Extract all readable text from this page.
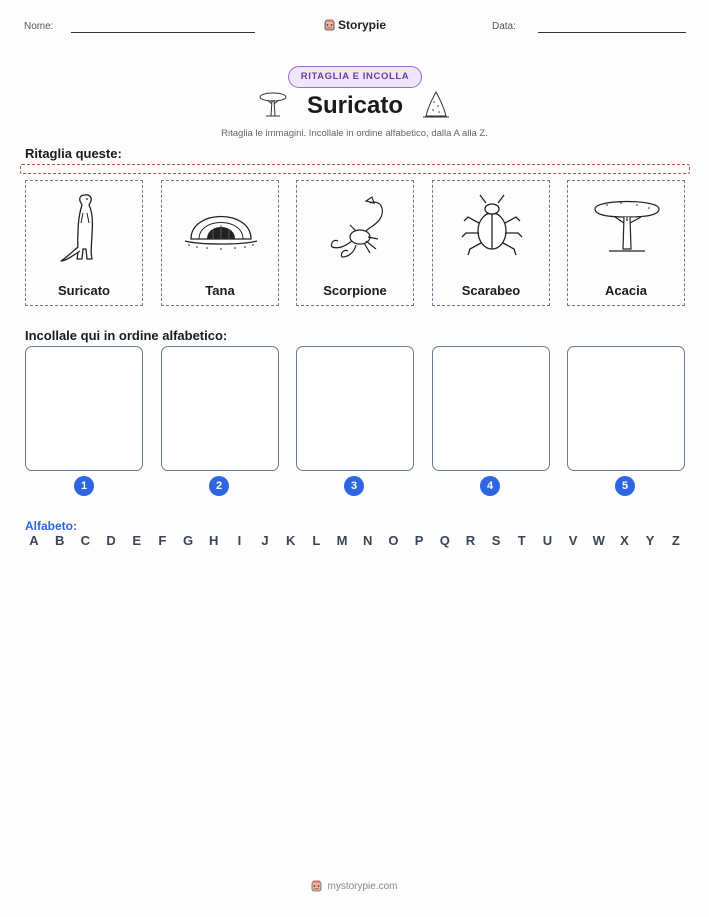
Nome:	Storypie	Data:
RITAGLIA E INCOLLA
Suricato
Ritaglia le immagini. Incollale in ordine alfabetico, dalla A alla Z.
Ritaglia queste:
Suricato	Tana	Scorpione	Scarabeo	Acacia
Incollale qui in ordine alfabetico:
1	2	3	4	5
Alfabeto:
A	B	C	D	E	F	G	H	I	J	K	L	M	N	O	P	Q	R	S	T	U	V	W	X	Y	Z
mystorypie.com
